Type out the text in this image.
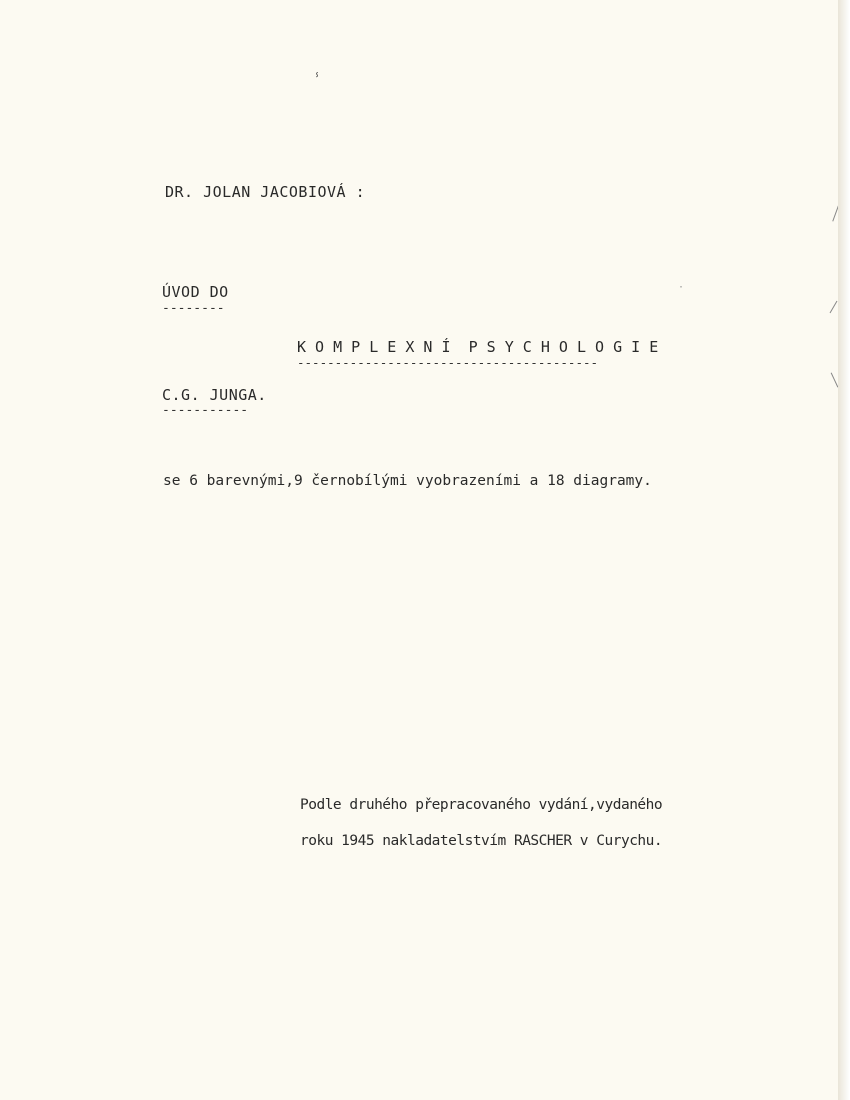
ⸯ
·
DR. JOLAN JACOBIOVÁ :
ÚVOD DO
--------
K O M P L E X N Í  P S Y C H O L O G I E
----------------------------------------
C.G. JUNGA.
-----------
se 6 barevnými,9 černobílými vyobrazeními a 18 diagramy.
Podle druhého přepracovaného vydání,vydaného
roku 1945 nakladatelstvím RASCHER v Curychu.
